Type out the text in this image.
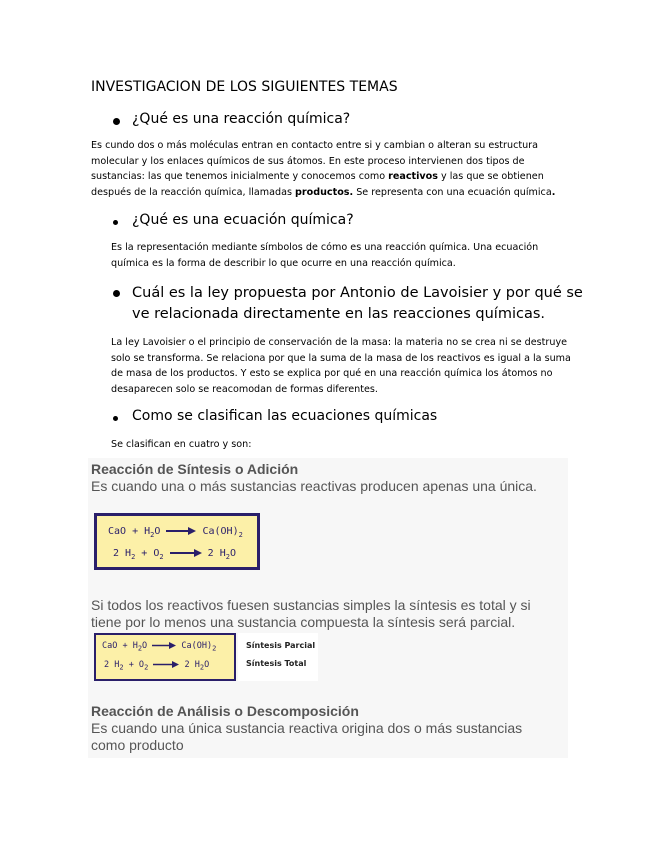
INVESTIGACION DE LOS SIGUIENTES TEMAS
¿Qué es una reacción química?
Es cundo dos o más moléculas entran en contacto entre si y cambian o alteran su estructura
molecular y los enlaces químicos de sus átomos. En este proceso intervienen dos tipos de
sustancias: las que tenemos inicialmente y conocemos como reactivos y las que se obtienen
después de la reacción química, llamadas productos. Se representa con una ecuación química.
¿Qué es una ecuación química?
Es la representación mediante símbolos de cómo es una reacción química. Una ecuación
química es la forma de describir lo que ocurre en una reacción química.
Cuál es la ley propuesta por Antonio de Lavoisier y por qué se
ve relacionada directamente en las reacciones químicas.
La ley Lavoisier o el principio de conservación de la masa: la materia no se crea ni se destruye
solo se transforma. Se relaciona por que la suma de la masa de los reactivos es igual a la suma
de masa de los productos. Y esto se explica por qué en una reacción química los átomos no
desaparecen solo se reacomodan de formas diferentes.
Como se clasifican las ecuaciones químicas
Se clasifican en cuatro y son:
Reacción de Síntesis o Adición
Es cuando una o más sustancias reactivas producen apenas una única.
CaO + $H_2O$	$Ca(OH)_2$
2 $H_2 + O_2$	2 $H_2O$
Si todos los reactivos fuesen sustancias simples la síntesis es total y si
tiene por lo menos una sustancia compuesta la síntesis será parcial.
CaO + $H_2O$	$Ca(OH)_2$
2 $H_2 + O_2$	2 $H_2O$
Síntesis Parcial
Síntesis Total
Reacción de Análisis o Descomposición
Es cuando una única sustancia reactiva origina dos o más sustancias
como producto
